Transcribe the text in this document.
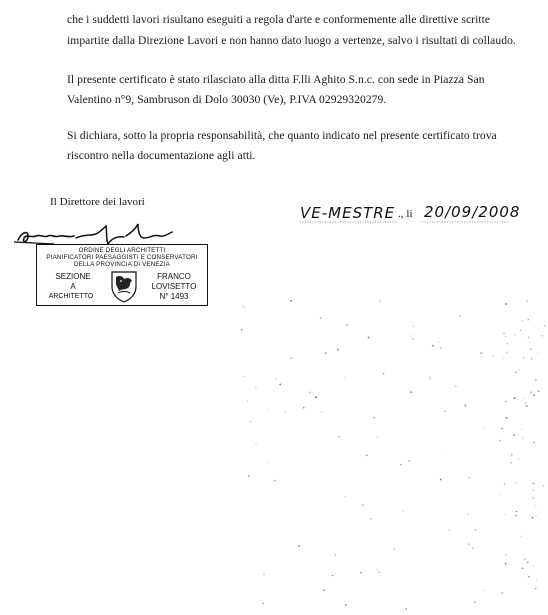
che i suddetti lavori risultano eseguiti a regola d'arte e conformemente alle direttive scritte
impartite dalla Direzione Lavori e non hanno dato luogo a vertenze, salvo i risultati di collaudo.
Il presente certificato è stato rilasciato alla ditta F.lli Aghito S.n.c. con sede in Piazza San
Valentino n°9, Sambruson di Dolo 30030 (Ve), P.IVA 02929320279.
Si dichiara, sotto la propria responsabilità, che quanto indicato nel presente certificato trova
riscontro nella documentazione agli atti.
Il Direttore dei lavori
VE-MESTRE ., li 20/09/2008
ORDINE DEGLI ARCHITETTI
PIANIFICATORI PAESAGGISTI E CONSERVATORI
DELLA PROVINCIA DI VENEZIA
SEZIONE
A
ARCHITETTO
FRANCO
LOVISETTO
N° 1493
